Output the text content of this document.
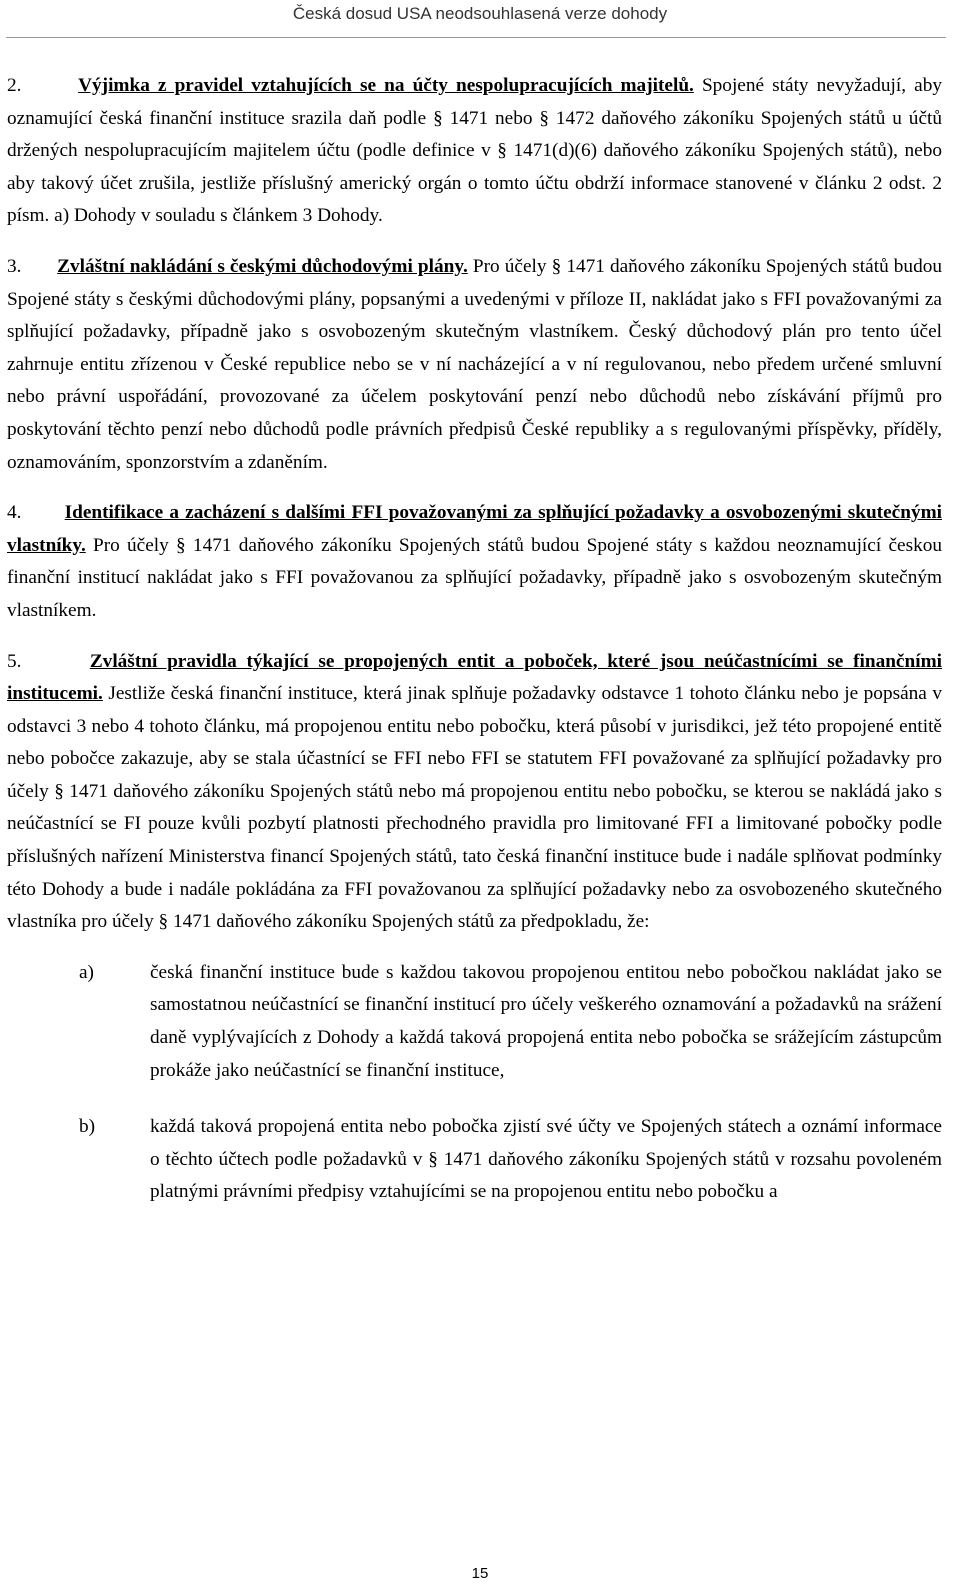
Česká dosud USA neodsouhlasená verze dohody
2.	Výjimka z pravidel vztahujících se na účty nespolupracujících majitelů. Spojené státy nevyžadují, aby oznamující česká finanční instituce srazila daň podle § 1471 nebo § 1472 daňového zákoníku Spojených států u účtů držených nespolupracujícím majitelem účtu (podle definice v § 1471(d)(6) daňového zákoníku Spojených států), nebo aby takový účet zrušila, jestliže příslušný americký orgán o tomto účtu obdrží informace stanovené v článku 2 odst. 2 písm. a) Dohody v souladu s článkem 3 Dohody.
3. Zvláštní nakládání s českými důchodovými plány. Pro účely § 1471 daňového zákoníku Spojených států budou Spojené státy s českými důchodovými plány, popsanými a uvedenými v příloze II, nakládat jako s FFI považovanými za splňující požadavky, případně jako s osvobozeným skutečným vlastníkem. Český důchodový plán pro tento účel zahrnuje entitu zřízenou v České republice nebo se v ní nacházející a v ní regulovanou, nebo předem určené smluvní nebo právní uspořádání, provozované za účelem poskytování penzí nebo důchodů nebo získávání příjmů pro poskytování těchto penzí nebo důchodů podle právních předpisů České republiky a s regulovanými příspěvky, příděly, oznamováním, sponzorstvím a zdaněním.
4. Identifikace a zacházení s dalšími FFI považovanými za splňující požadavky a osvobozenými skutečnými vlastníky. Pro účely § 1471 daňového zákoníku Spojených států budou Spojené státy s každou neoznamující českou finanční institucí nakládat jako s FFI považovanou za splňující požadavky, případně jako s osvobozeným skutečným vlastníkem.
5.	Zvláštní pravidla týkající se propojených entit a poboček, které jsou neúčastnícími se finančními institucemi. Jestliže česká finanční instituce, která jinak splňuje požadavky odstavce 1 tohoto článku nebo je popsána v odstavci 3 nebo 4 tohoto článku, má propojenou entitu nebo pobočku, která působí v jurisdikci, jež této propojené entitě nebo pobočce zakazuje, aby se stala účastnící se FFI nebo FFI se statutem FFI považované za splňující požadavky pro účely § 1471 daňového zákoníku Spojených států nebo má propojenou entitu nebo pobočku, se kterou se nakládá jako s neúčastnící se FI pouze kvůli pozbytí platnosti přechodného pravidla pro limitované FFI a limitované pobočky podle příslušných nařízení Ministerstva financí Spojených států, tato česká finanční instituce bude i nadále splňovat podmínky této Dohody a bude i nadále pokládána za FFI považovanou za splňující požadavky nebo za osvobozeného skutečného vlastníka pro účely § 1471 daňového zákoníku Spojených států za předpokladu, že:
a)	česká finanční instituce bude s každou takovou propojenou entitou nebo pobočkou nakládat jako se samostatnou neúčastnící se finanční institucí pro účely veškerého oznamování a požadavků na srážení daně vyplývajících z Dohody a každá taková propojená entita nebo pobočka se srážejícím zástupcům prokáže jako neúčastnící se finanční instituce,
b)	každá taková propojená entita nebo pobočka zjistí své účty ve Spojených státech a oznámí informace o těchto účtech podle požadavků v § 1471 daňového zákoníku Spojených států v rozsahu povoleném platnými právními předpisy vztahujícími se na propojenou entitu nebo pobočku a
15
